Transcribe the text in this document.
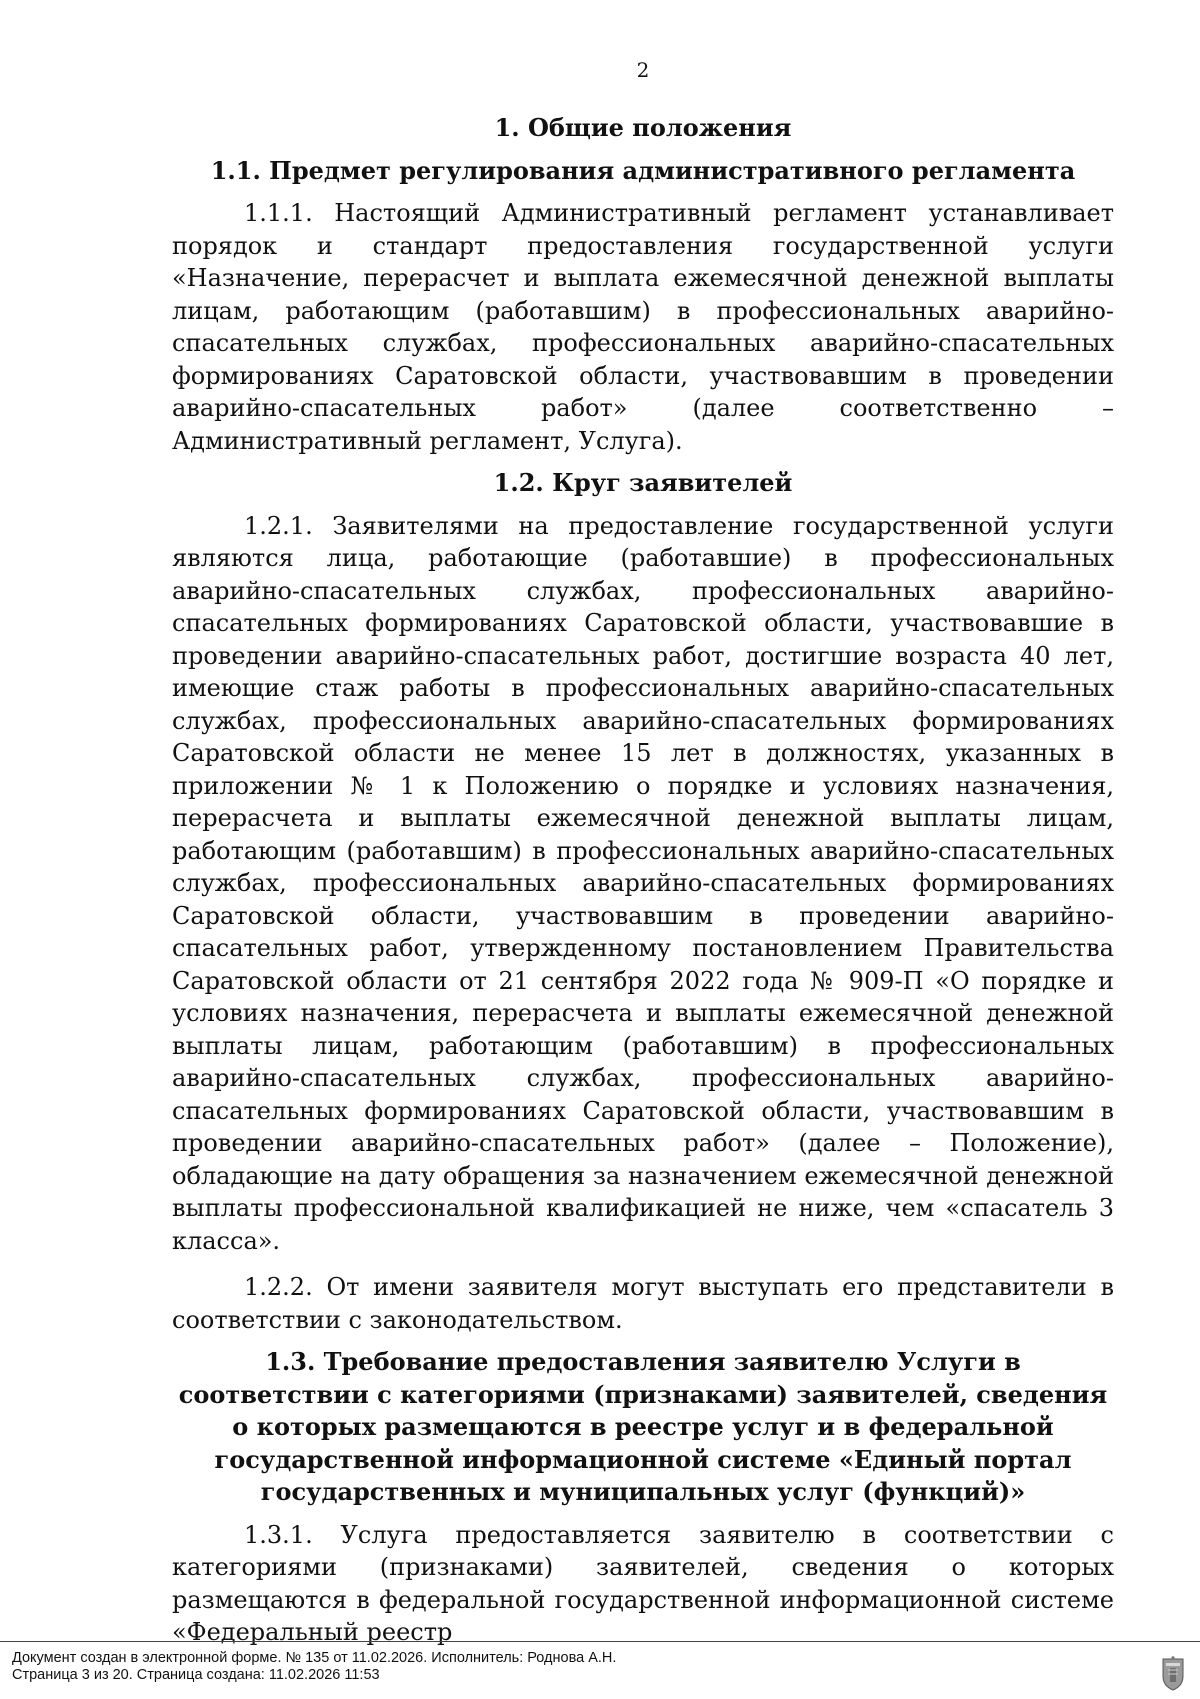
2

1. Общие положения

1.1. Предмет регулирования административного регламента

1.1.1. Настоящий Административный регламент устанавливает порядок и стандарт предоставления государственной услуги «Назначение, перерасчет и выплата ежемесячной денежной выплаты лицам, работающим (работавшим) в профессиональных аварийно-спасательных службах, профессиональных аварийно-спасательных формированиях Саратовской области, участвовавшим в проведении аварийно-спасательных работ» (далее соответственно – Административный регламент, Услуга).

1.2. Круг заявителей

1.2.1. Заявителями на предоставление государственной услуги являются лица, работающие (работавшие) в профессиональных аварийно-спасательных службах, профессиональных аварийно-спасательных формированиях Саратовской области, участвовавшие в проведении аварийно-спасательных работ, достигшие возраста 40 лет, имеющие стаж работы в профессиональных аварийно-спасательных службах, профессиональных аварийно-спасательных формированиях Саратовской области не менее 15 лет в должностях, указанных в приложении № 1 к Положению о порядке и условиях назначения, перерасчета и выплаты ежемесячной денежной выплаты лицам, работающим (работавшим) в профессиональных аварийно-спасательных службах, профессиональных аварийно-спасательных формированиях Саратовской области, участвовавшим в проведении аварийно-спасательных работ, утвержденному постановлением Правительства Саратовской области от 21 сентября 2022 года № 909-П «О порядке и условиях назначения, перерасчета и выплаты ежемесячной денежной выплаты лицам, работающим (работавшим) в профессиональных аварийно-спасательных службах, профессиональных аварийно-спасательных формированиях Саратовской области, участвовавшим в проведении аварийно-спасательных работ» (далее – Положение), обладающие на дату обращения за назначением ежемесячной денежной выплаты профессиональной квалификацией не ниже, чем «спасатель 3 класса».

1.2.2. От имени заявителя могут выступать его представители в соответствии с законодательством.

1.3. Требование предоставления заявителю Услуги в соответствии с категориями (признаками) заявителей, сведения о которых размещаются в реестре услуг и в федеральной государственной информационной системе «Единый портал государственных и муниципальных услуг (функций)»

1.3.1. Услуга предоставляется заявителю в соответствии с категориями (признаками) заявителей, сведения о которых размещаются в федеральной государственной информационной системе «Федеральный реестр

Документ создан в электронной форме. № 135 от 11.02.2026. Исполнитель: Роднова А.Н.
Страница 3 из 20. Страница создана: 11.02.2026 11:53
